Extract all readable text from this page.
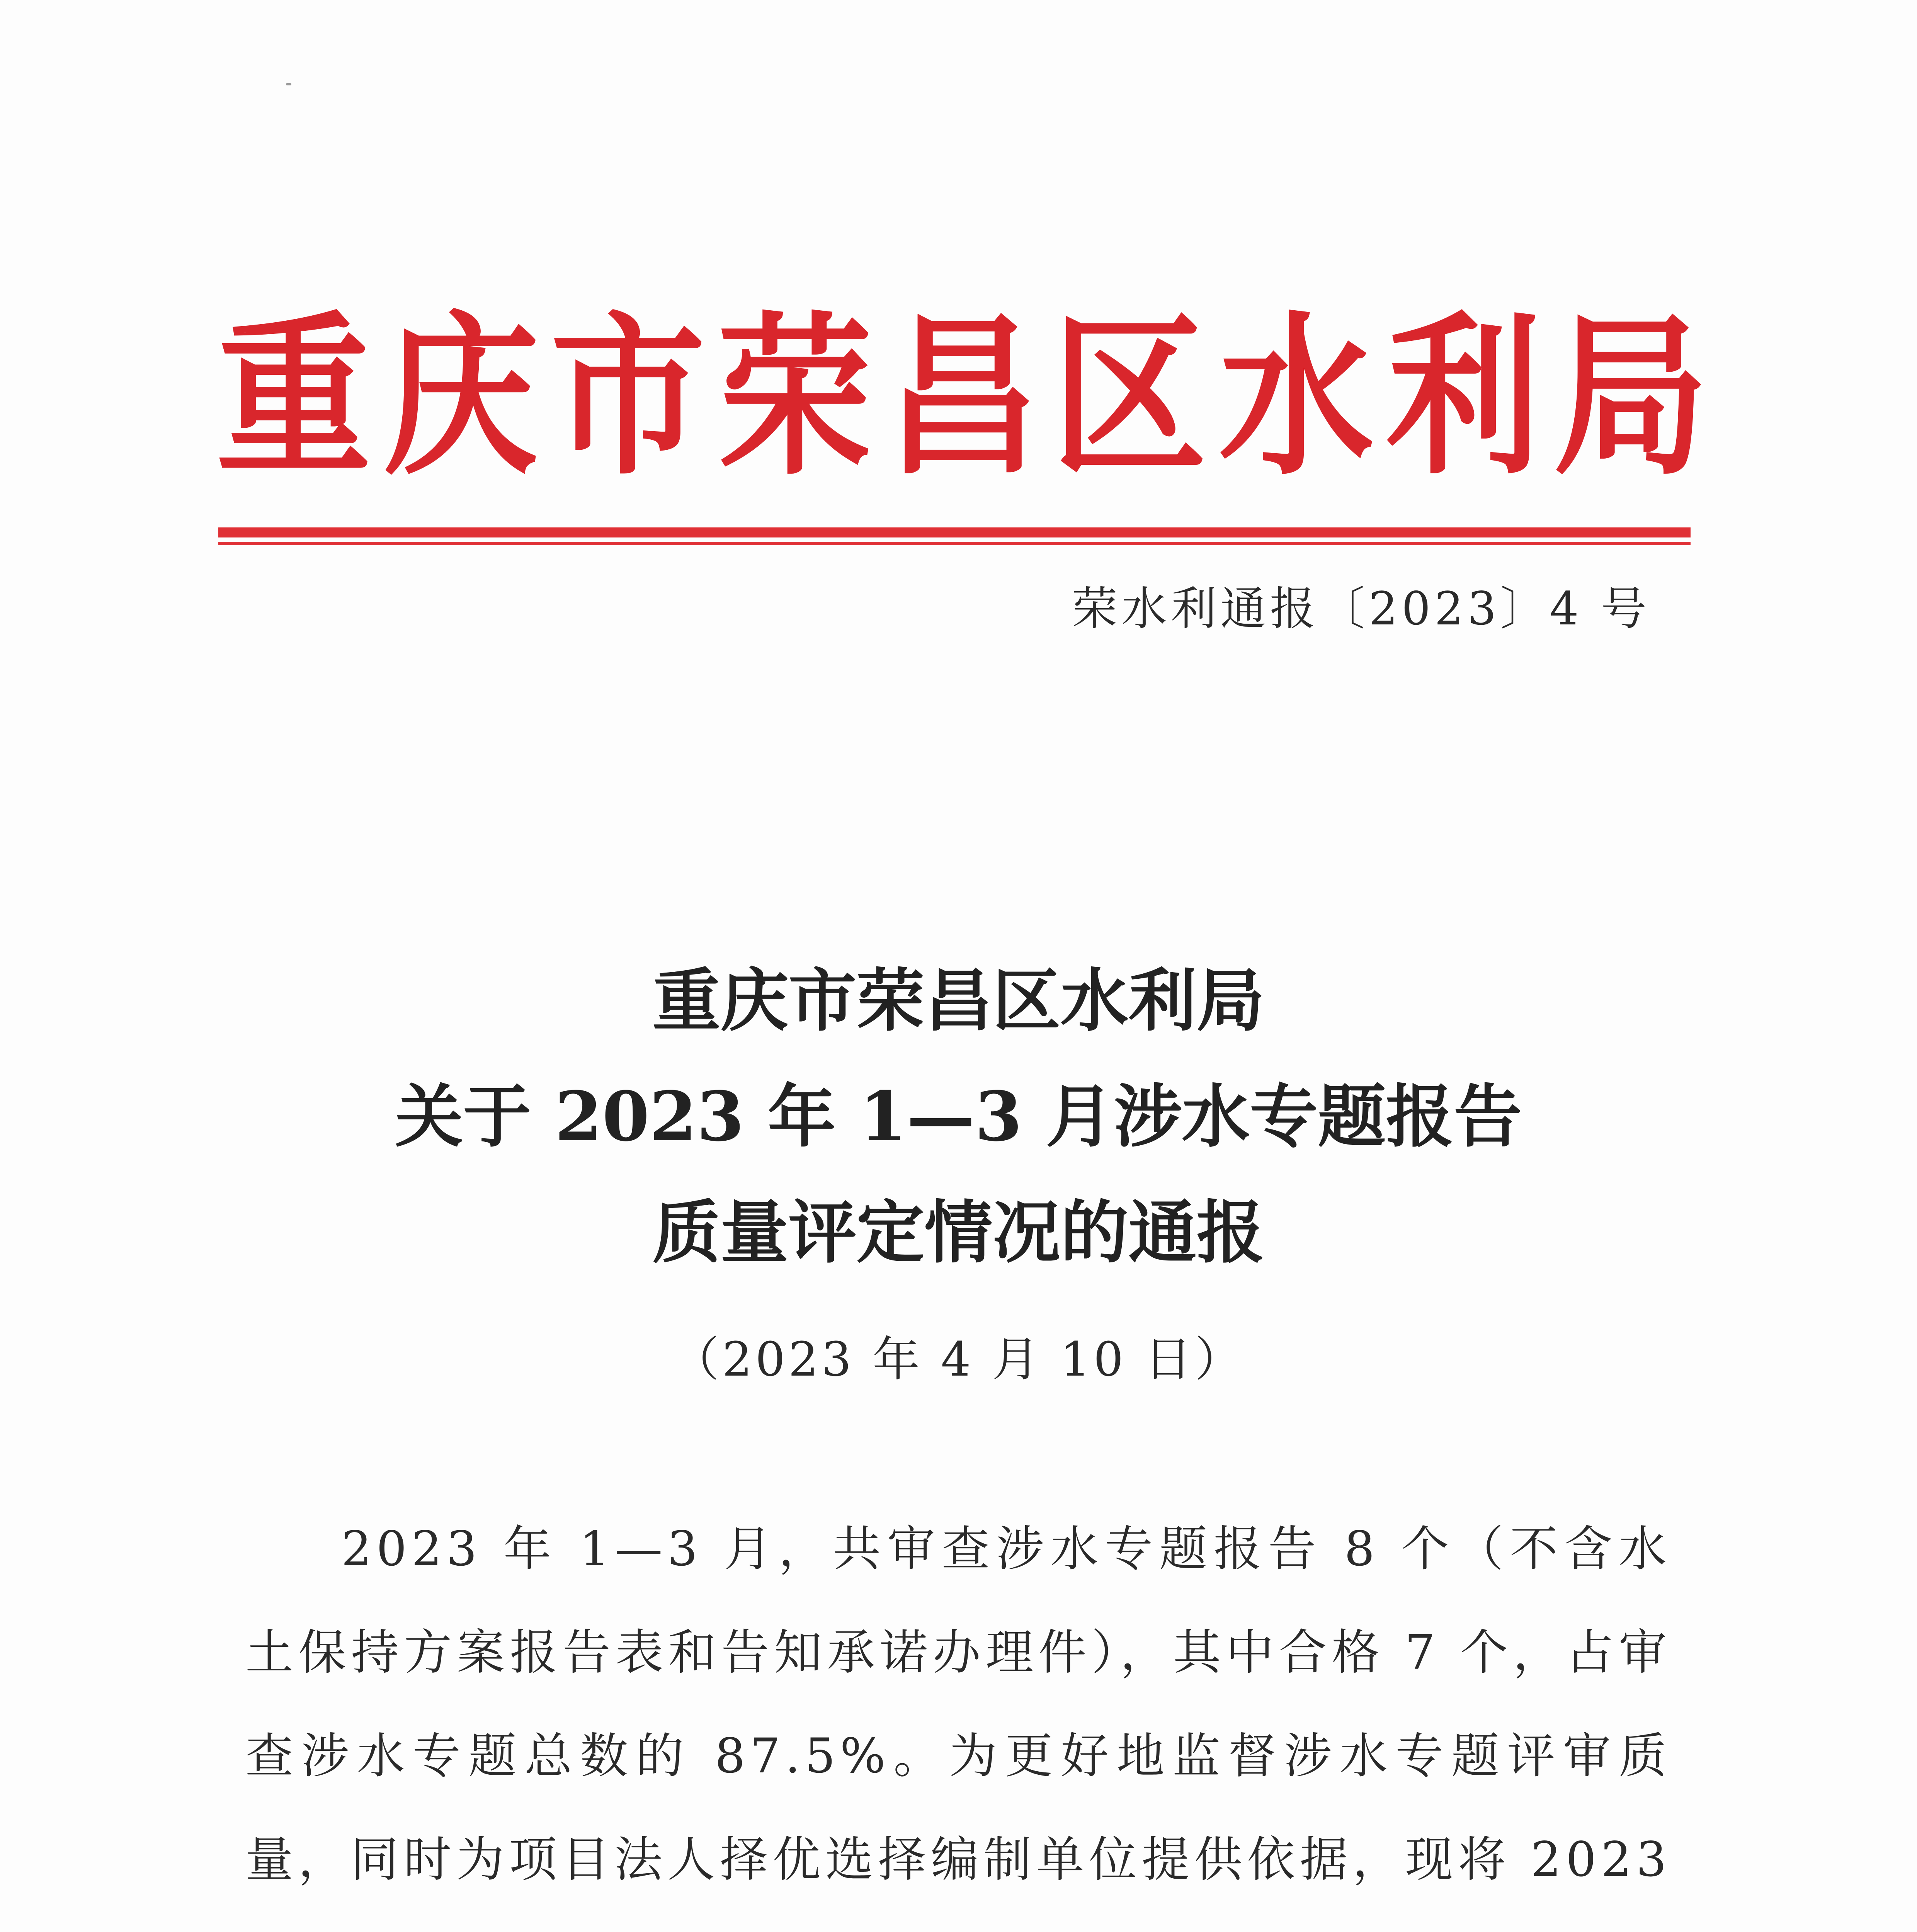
重 庆 市 荣 昌 区 水 利 局
荣水利通报〔2023〕4 号
重庆市荣昌区水利局
关于 2023 年 1—3 月涉水专题报告
质量评定情况的通报
（2023 年 4 月 10 日）

2023 年 1—3 月，共审查涉水专题报告 8 个（不含水土保持方案报告表和告知承诺办理件），其中合格 7 个，占审查涉水专题总数的 87.5%。为更好地监督涉水专题评审质量，同时为项目法人择优选择编制单位提供依据，现将 2023
